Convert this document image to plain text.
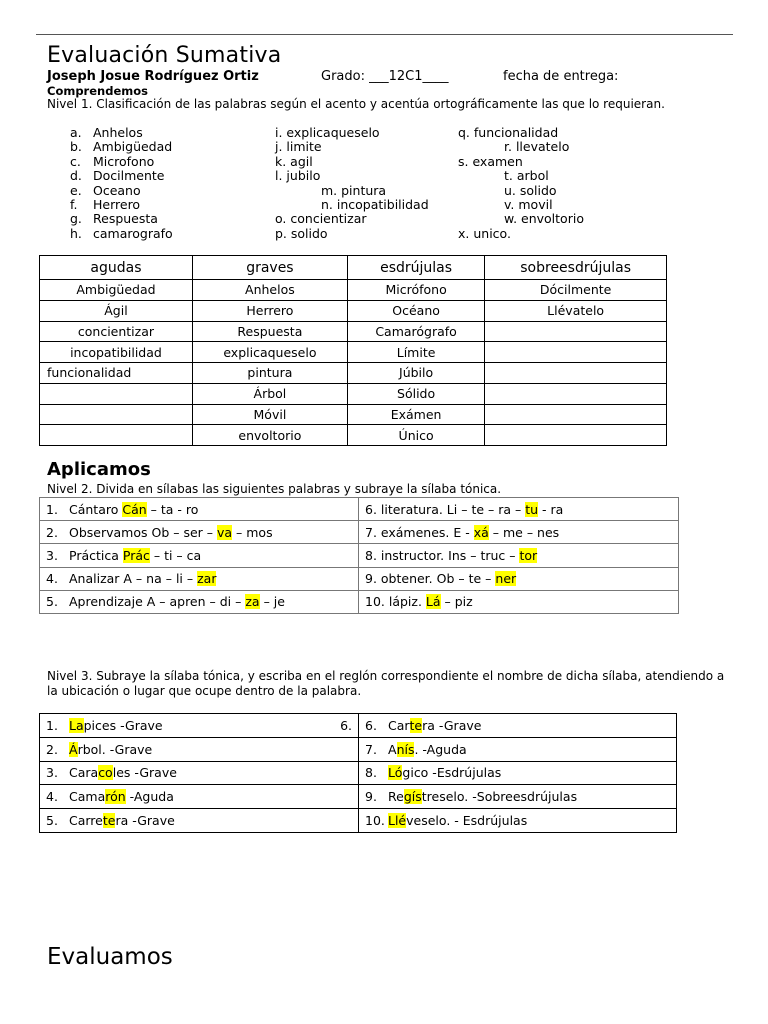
Evaluación Sumativa
Joseph Josue Rodríguez Ortiz	Grado: ___12C1____	fecha de entrega:
Comprendemos
Nivel 1. Clasificación de las palabras según el acento y acentúa ortográficamente las que lo requieran.
a. Anhelos
b. Ambigüedad
c. Microfono
d. Docilmente
e. Oceano
f. Herrero
g. Respuesta
h. camarografo
i. explicaqueselo
j. limite
k. agil
l. jubilo
m. pintura
n. incopatibilidad
o. concientizar
p. solido
q. funcionalidad
r. llevatelo
s. examen
t. arbol
u. solido
v. movil
w. envoltorio
x. unico.
agudas	graves	esdrújulas	sobreesdrújulas
Ambigüedad	Anhelos	Micrófono	Dócilmente
Ágil	Herrero	Océano	Llévatelo
concientizar	Respuesta	Camarógrafo	
incopatibilidad	explicaqueselo	Límite	
funcionalidad	pintura	Júbilo	
	Árbol	Sólido	
	Móvil	Exámen	
	envoltorio	Único	
Aplicamos
Nivel 2. Divida en sílabas las siguientes palabras y subraye la sílaba tónica.
1. Cántaro Cán – ta - ro	6. literatura. Li – te – ra – tu - ra
2. Observamos Ob – ser – va – mos	7. exámenes. E - xá – me – nes
3. Práctica Prác – ti – ca	8. instructor. Ins – truc – tor
4. Analizar A – na – li – zar	9. obtener. Ob – te – ner
5. Aprendizaje A – apren – di – za – je	10. lápiz. Lá – piz
Nivel 3. Subraye la sílaba tónica, y escriba en el reglón correspondiente el nombre de dicha sílaba, atendiendo a la ubicación o lugar que ocupe dentro de la palabra.
1. Lapices -Grave 6.	6. Cartera -Grave
2. Árbol. -Grave	7. Anís. -Aguda
3. Caracoles -Grave	8. Lógico -Esdrújulas
4. Camarón -Aguda	9. Regístreselo. -Sobreesdrújulas
5. Carretera -Grave	10. Lléveselo. - Esdrújulas
Evaluamos
